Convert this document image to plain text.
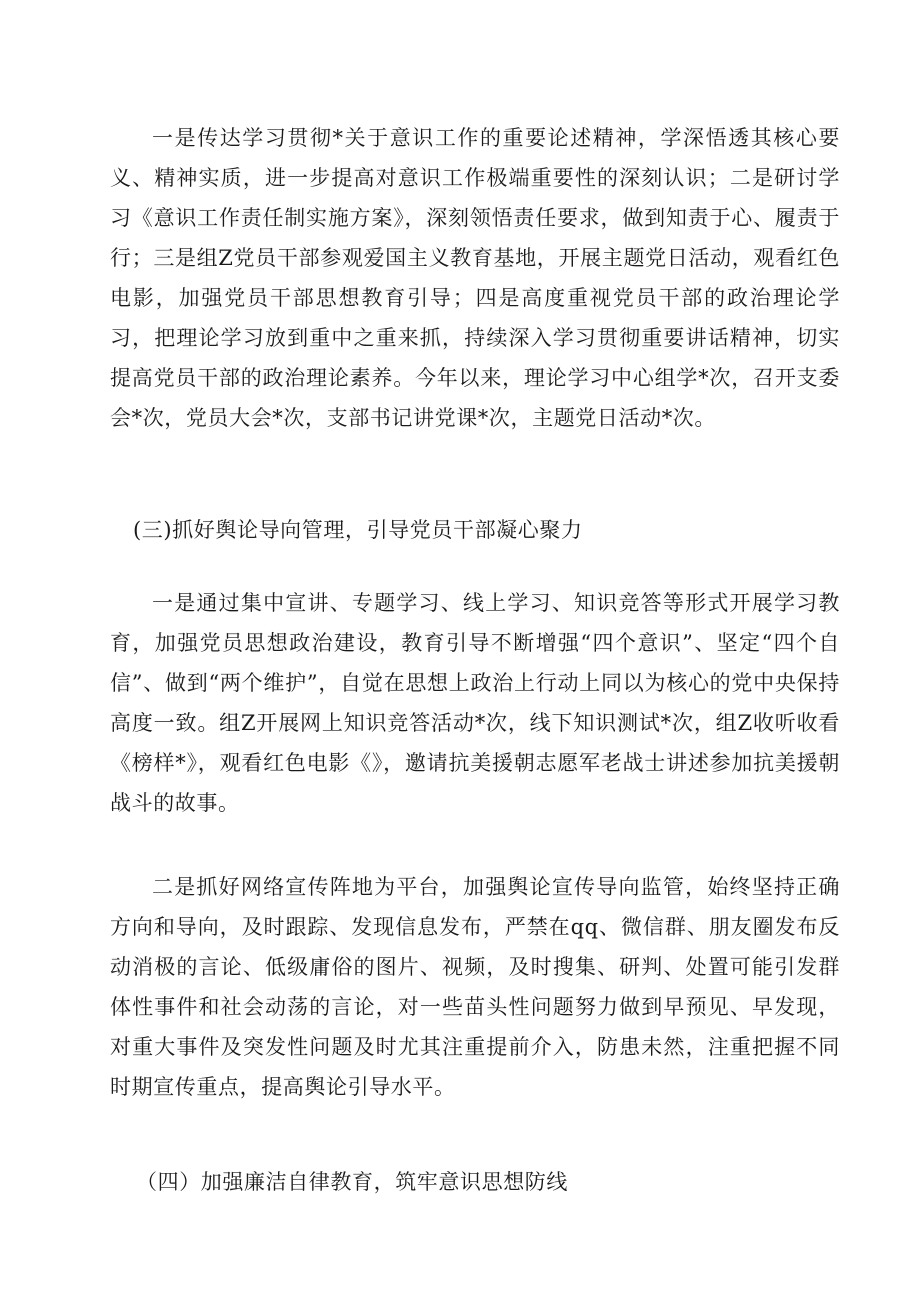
一是传达学习贯彻*关于意识工作的重要论述精神，学深悟透其核心要义、精神实质，进一步提高对意识工作极端重要性的深刻认识；二是研讨学习《意识工作责任制实施方案》，深刻领悟责任要求，做到知责于心、履责于行；三是组Z党员干部参观爱国主义教育基地，开展主题党日活动，观看红色电影，加强党员干部思想教育引导；四是高度重视党员干部的政治理论学习，把理论学习放到重中之重来抓，持续深入学习贯彻重要讲话精神，切实提高党员干部的政治理论素养。今年以来，理论学习中心组学*次，召开支委会*次，党员大会*次，支部书记讲党课*次，主题党日活动*次。

(三)抓好舆论导向管理，引导党员干部凝心聚力

一是通过集中宣讲、专题学习、线上学习、知识竞答等形式开展学习教育，加强党员思想政治建设，教育引导不断增强“四个意识”、坚定“四个自信”、做到“两个维护”，自觉在思想上政治上行动上同以为核心的党中央保持高度一致。组Z开展网上知识竞答活动*次，线下知识测试*次，组Z收听收看《榜样*》，观看红色电影《》，邀请抗美援朝志愿军老战士讲述参加抗美援朝战斗的故事。

二是抓好网络宣传阵地为平台，加强舆论宣传导向监管，始终坚持正确方向和导向，及时跟踪、发现信息发布，严禁在qq、微信群、朋友圈发布反动消极的言论、低级庸俗的图片、视频，及时搜集、研判、处置可能引发群体性事件和社会动荡的言论，对一些苗头性问题努力做到早预见、早发现，对重大事件及突发性问题及时尤其注重提前介入，防患未然，注重把握不同时期宣传重点，提高舆论引导水平。

（四）加强廉洁自律教育，筑牢意识思想防线
